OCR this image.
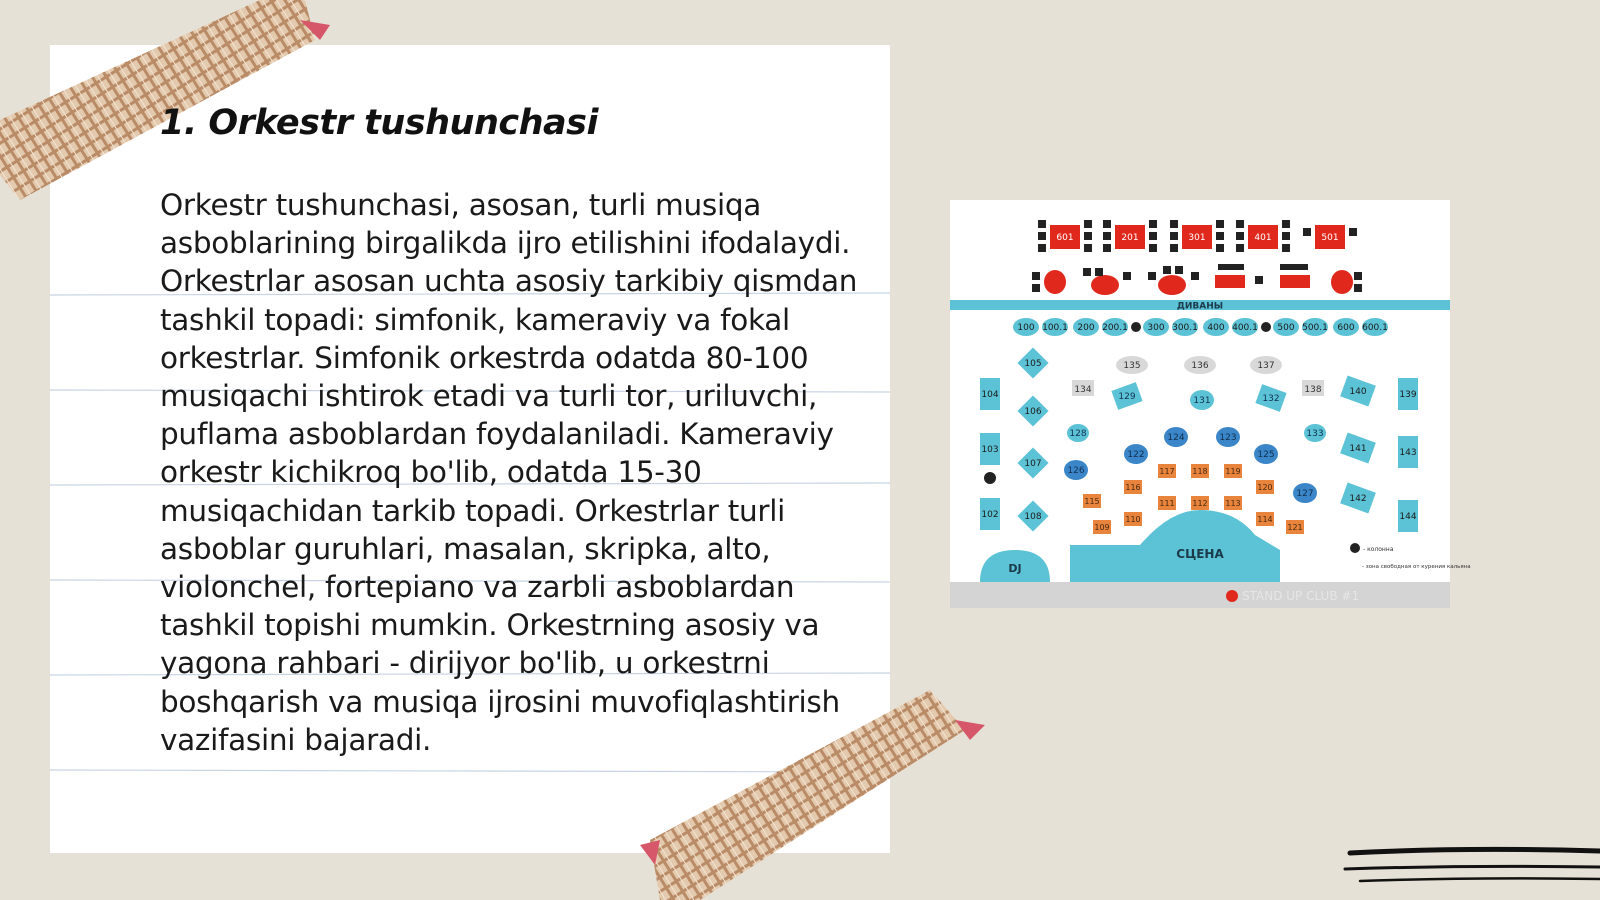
1. Orkestr tushunchasi

Orkestr tushunchasi, asosan, turli musiqa asboblarining birgalikda ijro etilishini ifodalaydi. Orkestrlar asosan uchta asosiy tarkibiy qismdan tashkil topadi: simfonik, kameraviy va fokal orkestrlar. Simfonik orkestrda odatda 80-100 musiqachi ishtirok etadi va turli tor, uriluvchi, puflama asboblardan foydalaniladi. Kameraviy orkestr kichikroq bo'lib, odatda 15-30 musiqachidan tarkib topadi. Orkestrlar turli asboblar guruhlari, masalan, skripka, alto, violonchel, fortepiano va zarbli asboblardan tashkil topishi mumkin. Orkestrning asosiy va yagona rahbari - dirijyor bo'lib, u orkestrni boshqarish va musiqa ijrosini muvofiqlashtirish vazifasini bajaradi.

601	201	301	401	501
ДИВАНЫ
100 100.1 200 200.1 300 300.1 400 400.1 500 500.1 600 600.1
135	136	137
134	138
105
106
107
108
104
103
102
140
141
142
139
143
144
129	131	132
128	133
124	123
122	125
126
127
117 118 119
116	120
115	111 112 113
110	114
109	121
СЦЕНА
DJ
- колонна
- зона свободная от курения кальяна
STAND UP CLUB #1
